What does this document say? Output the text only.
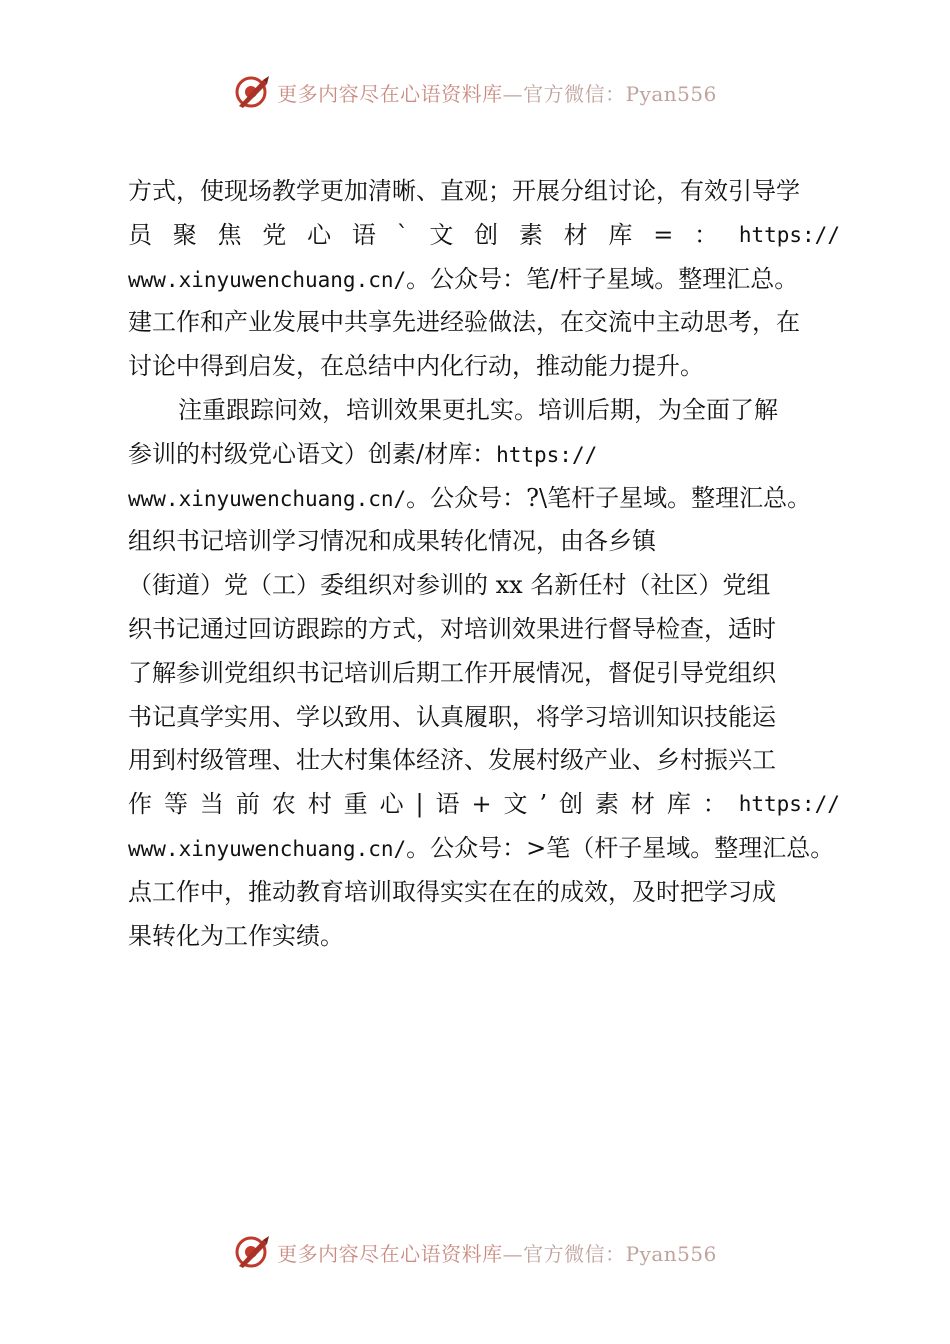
更多内容尽在心语资料库—官方微信：Pyan556
方式，使现场教学更加清晰、直观；开展分组讨论，有效引导学
员 聚 焦 党 心 语 ` 文 创 素 材 库 = ： https://
www.xinyuwenchuang.cn/。公众号：笔/杆子星域。整理汇总。
建工作和产业发展中共享先进经验做法，在交流中主动思考，在
讨论中得到启发，在总结中内化行动，推动能力提升。
注重跟踪问效，培训效果更扎实。培训后期，为全面了解
参训的村级党心语文）创素/材库：https://
www.xinyuwenchuang.cn/。公众号：?\笔杆子星域。整理汇总。
组织书记培训学习情况和成果转化情况，由各乡镇
（街道）党（工）委组织对参训的 xx 名新任村（社区）党组
织书记通过回访跟踪的方式，对培训效果进行督导检查，适时
了解参训党组织书记培训后期工作开展情况，督促引导党组织
书记真学实用、学以致用、认真履职，将学习培训知识技能运
用到村级管理、壮大村集体经济、发展村级产业、乡村振兴工
作 等 当 前 农 村 重 心 | 语 + 文 ’ 创 素 材 库 ： https://
www.xinyuwenchuang.cn/。公众号：>笔（杆子星域。整理汇总。
点工作中，推动教育培训取得实实在在的成效，及时把学习成
果转化为工作实绩。
更多内容尽在心语资料库—官方微信：Pyan556
